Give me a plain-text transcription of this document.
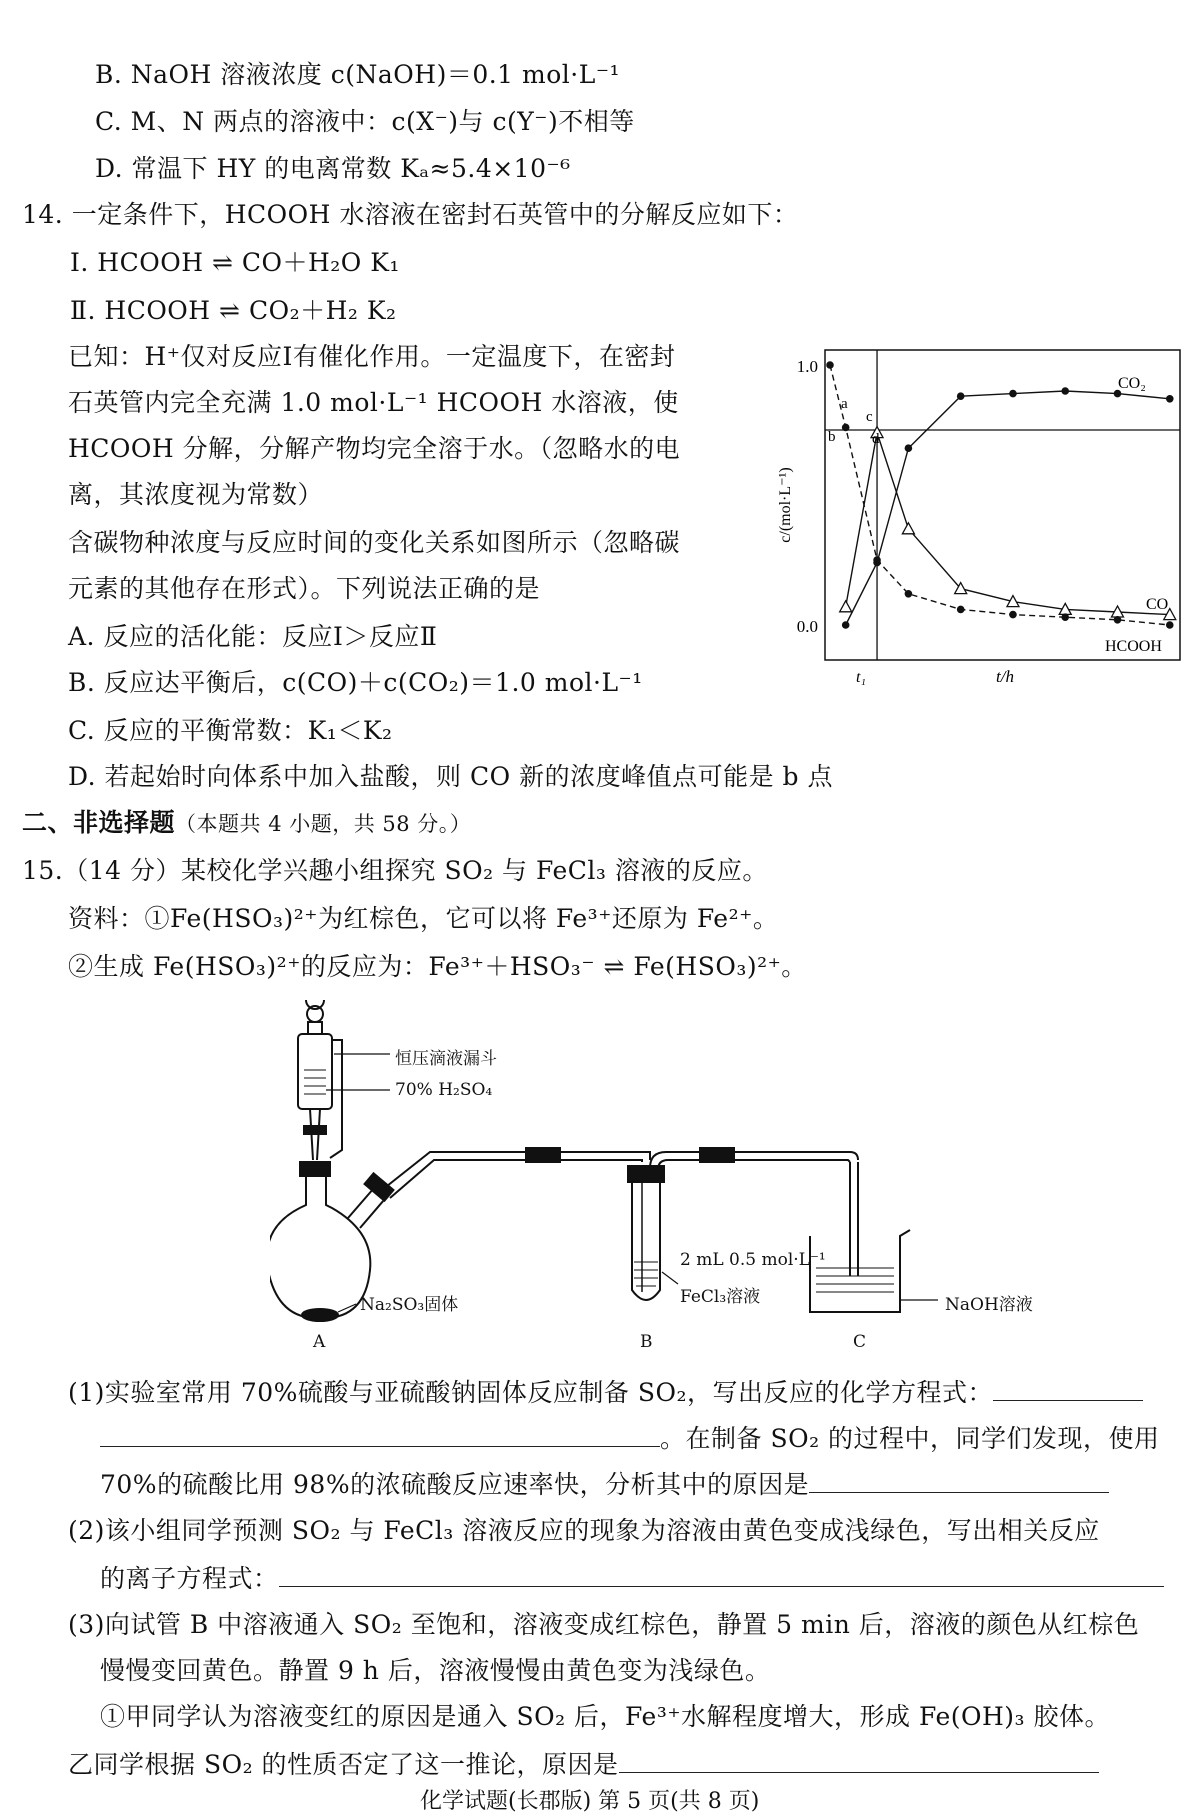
B. NaOH 溶液浓度 c(NaOH)＝0.1 mol·L⁻¹
C. M、N 两点的溶液中：c(X⁻)与 c(Y⁻)不相等
D. 常温下 HY 的电离常数 Kₐ≈5.4×10⁻⁶
14. 一定条件下，HCOOH 水溶液在密封石英管中的分解反应如下：
Ⅰ. HCOOH ⇌ CO＋H₂O K₁
Ⅱ. HCOOH ⇌ CO₂＋H₂ K₂
已知：H⁺仅对反应Ⅰ有催化作用。一定温度下，在密封
石英管内完全充满 1.0 mol·L⁻¹ HCOOH 水溶液，使
HCOOH 分解，分解产物均完全溶于水。（忽略水的电
离，其浓度视为常数）
含碳物种浓度与反应时间的变化关系如图所示（忽略碳
元素的其他存在形式）。下列说法正确的是
A. 反应的活化能：反应Ⅰ＞反应Ⅱ
B. 反应达平衡后，c(CO)＋c(CO₂)＝1.0 mol·L⁻¹
C. 反应的平衡常数：K₁＜K₂
D. 若起始时向体系中加入盐酸，则 CO 新的浓度峰值点可能是 b 点
1.0
0.0
t₁	t/h
c/(mol·L⁻¹)
CO₂
CO
HCOOH
a
b
c
d
二、非选择题（本题共 4 小题，共 58 分。）
15.（14 分）某校化学兴趣小组探究 SO₂ 与 FeCl₃ 溶液的反应。
资料：①Fe(HSO₃)²⁺为红棕色，它可以将 Fe³⁺还原为 Fe²⁺。
②生成 Fe(HSO₃)²⁺的反应为：Fe³⁺＋HSO₃⁻ ⇌ Fe(HSO₃)²⁺。
恒压滴液漏斗
70% H₂SO₄
Na₂SO₃固体
2 mL 0.5 mol·L⁻¹
FeCl₃溶液	NaOH溶液
A	B	C
(1)实验室常用 70%硫酸与亚硫酸钠固体反应制备 SO₂，写出反应的化学方程式：
。在制备 SO₂ 的过程中，同学们发现，使用
70%的硫酸比用 98%的浓硫酸反应速率快，分析其中的原因是
(2)该小组同学预测 SO₂ 与 FeCl₃ 溶液反应的现象为溶液由黄色变成浅绿色，写出相关反应
的离子方程式：
(3)向试管 B 中溶液通入 SO₂ 至饱和，溶液变成红棕色，静置 5 min 后，溶液的颜色从红棕色
慢慢变回黄色。静置 9 h 后，溶液慢慢由黄色变为浅绿色。
①甲同学认为溶液变红的原因是通入 SO₂ 后，Fe³⁺水解程度增大，形成 Fe(OH)₃ 胶体。
乙同学根据 SO₂ 的性质否定了这一推论，原因是
化学试题(长郡版) 第 5 页(共 8 页)
